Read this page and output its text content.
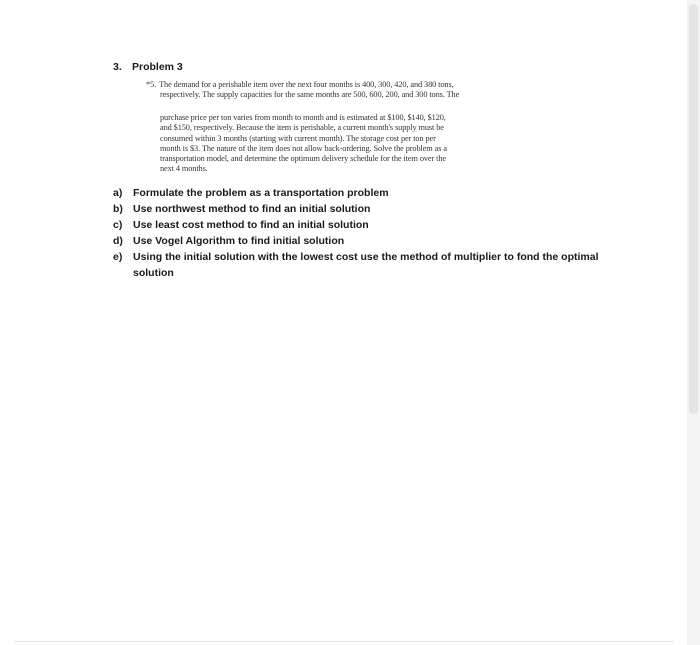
3. Problem 3
*5. The demand for a perishable item over the next four months is 400, 300, 420, and 380 tons,
respectively. The supply capacities for the same months are 500, 600, 200, and 300 tons. The
purchase price per ton varies from month to month and is estimated at $100, $140, $120,
and $150, respectively. Because the item is perishable, a current month's supply must be
consumed within 3 months (starting with current month). The storage cost per ton per
month is $3. The nature of the item does not allow back-ordering. Solve the problem as a
transportation model, and determine the optimum delivery schedule for the item over the
next 4 months.
a) Formulate the problem as a transportation problem
b) Use northwest method to find an initial solution
c) Use least cost method to find an initial solution
d) Use Vogel Algorithm to find initial solution
e) Using the initial solution with the lowest cost use the method of multiplier to fond the optimal
solution
